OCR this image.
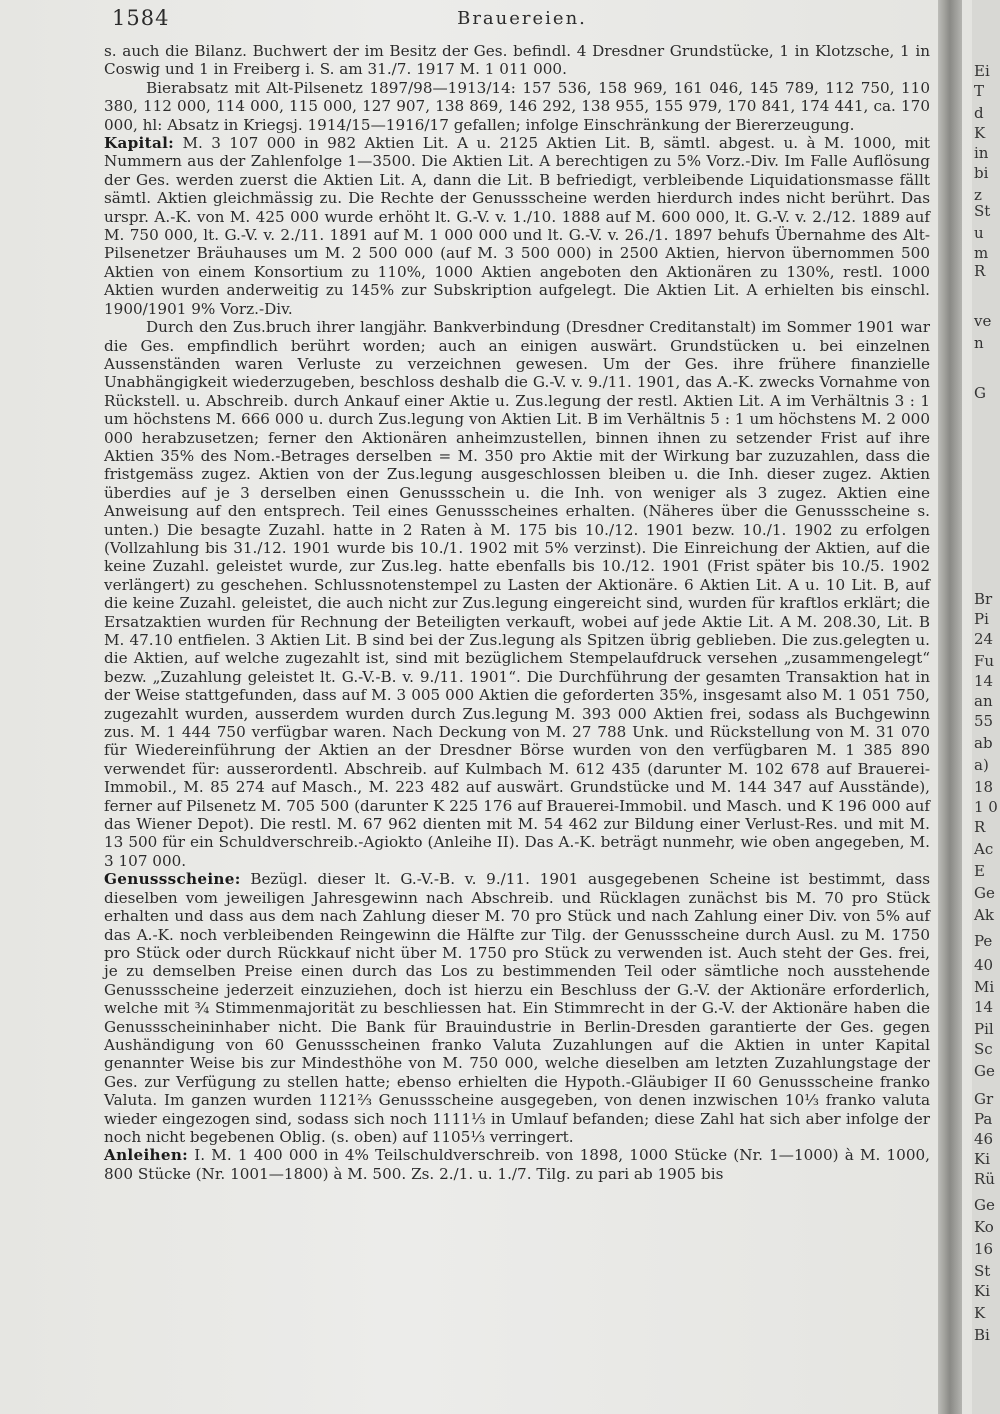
1584	Brauereien.

s. auch die Bilanz. Buchwert der im Besitz der Ges. befindl. 4 Dresdner Grundstücke, 1 in Klotzsche, 1 in Coswig und 1 in Freiberg i. S. am 31./7. 1917 M. 1 011 000.

Bierabsatz mit Alt-Pilsenetz 1897/98—1913/14: 157 536, 158 969, 161 046, 145 789, 112 750, 110 380, 112 000, 114 000, 115 000, 127 907, 138 869, 146 292, 138 955, 155 979, 170 841, 174 441, ca. 170 000, hl: Absatz in Kriegsj. 1914/15—1916/17 gefallen; infolge Einschränkung der Biererzeugung.

Kapital: M. 3 107 000 in 982 Aktien Lit. A u. 2125 Aktien Lit. B, sämtl. abgest. u. à M. 1000, mit Nummern aus der Zahlenfolge 1—3500. Die Aktien Lit. A berechtigen zu 5% Vorz.-Div. Im Falle Auflösung der Ges. werden zuerst die Aktien Lit. A, dann die Lit. B befriedigt, verbleibende Liquidationsmasse fällt sämtl. Aktien gleichmässig zu. Die Rechte der Genussscheine werden hierdurch indes nicht berührt. Das urspr. A.-K. von M. 425 000 wurde erhöht lt. G.-V. v. 1./10. 1888 auf M. 600 000, lt. G.-V. v. 2./12. 1889 auf M. 750 000, lt. G.-V. v. 2./11. 1891 auf M. 1 000 000 und lt. G.-V. v. 26./1. 1897 behufs Übernahme des Alt-Pilsenetzer Bräuhauses um M. 2 500 000 (auf M. 3 500 000) in 2500 Aktien, hiervon übernommen 500 Aktien von einem Konsortium zu 110%, 1000 Aktien angeboten den Aktionären zu 130%, restl. 1000 Aktien wurden anderweitig zu 145% zur Subskription aufgelegt. Die Aktien Lit. A erhielten bis einschl. 1900/1901 9% Vorz.-Div.

Durch den Zus.bruch ihrer langjähr. Bankverbindung (Dresdner Creditanstalt) im Sommer 1901 war die Ges. empfindlich berührt worden; auch an einigen auswärt. Grundstücken u. bei einzelnen Aussenständen waren Verluste zu verzeichnen gewesen. Um der Ges. ihre frühere finanzielle Unabhängigkeit wiederzugeben, beschloss deshalb die G.-V. v. 9./11. 1901, das A.-K. zwecks Vornahme von Rückstell. u. Abschreib. durch Ankauf einer Aktie u. Zus.legung der restl. Aktien Lit. A im Verhältnis 3 : 1 um höchstens M. 666 000 u. durch Zus.legung von Aktien Lit. B im Verhältnis 5 : 1 um höchstens M. 2 000 000 herabzusetzen; ferner den Aktionären anheimzustellen, binnen ihnen zu setzender Frist auf ihre Aktien 35% des Nom.-Betrages derselben = M. 350 pro Aktie mit der Wirkung bar zuzuzahlen, dass die fristgemäss zugez. Aktien von der Zus.legung ausgeschlossen bleiben u. die Inh. dieser zugez. Aktien überdies auf je 3 derselben einen Genussschein u. die Inh. von weniger als 3 zugez. Aktien eine Anweisung auf den entsprech. Teil eines Genussscheines erhalten. (Näheres über die Genussscheine s. unten.) Die besagte Zuzahl. hatte in 2 Raten à M. 175 bis 10./12. 1901 bezw. 10./1. 1902 zu erfolgen (Vollzahlung bis 31./12. 1901 wurde bis 10./1. 1902 mit 5% verzinst). Die Einreichung der Aktien, auf die keine Zuzahl. geleistet wurde, zur Zus.leg. hatte ebenfalls bis 10./12. 1901 (Frist später bis 10./5. 1902 verlängert) zu geschehen. Schlussnotenstempel zu Lasten der Aktionäre. 6 Aktien Lit. A u. 10 Lit. B, auf die keine Zuzahl. geleistet, die auch nicht zur Zus.legung eingereicht sind, wurden für kraftlos erklärt; die Ersatzaktien wurden für Rechnung der Beteiligten verkauft, wobei auf jede Aktie Lit. A M. 208.30, Lit. B M. 47.10 entfielen. 3 Aktien Lit. B sind bei der Zus.legung als Spitzen übrig geblieben. Die zus.gelegten u. die Aktien, auf welche zugezahlt ist, sind mit bezüglichem Stempelaufdruck versehen „zusammengelegt“ bezw. „Zuzahlung geleistet lt. G.-V.-B. v. 9./11. 1901“. Die Durchführung der gesamten Transaktion hat in der Weise stattgefunden, dass auf M. 3 005 000 Aktien die geforderten 35%, insgesamt also M. 1 051 750, zugezahlt wurden, ausserdem wurden durch Zus.legung M. 393 000 Aktien frei, sodass als Buchgewinn zus. M. 1 444 750 verfügbar waren. Nach Deckung von M. 27 788 Unk. und Rückstellung von M. 31 070 für Wiedereinführung der Aktien an der Dresdner Börse wurden von den verfügbaren M. 1 385 890 verwendet für: ausserordentl. Abschreib. auf Kulmbach M. 612 435 (darunter M. 102 678 auf Brauerei-Immobil., M. 85 274 auf Masch., M. 223 482 auf auswärt. Grundstücke und M. 144 347 auf Ausstände), ferner auf Pilsenetz M. 705 500 (darunter K 225 176 auf Brauerei-Immobil. und Masch. und K 196 000 auf das Wiener Depot). Die restl. M. 67 962 dienten mit M. 54 462 zur Bildung einer Verlust-Res. und mit M. 13 500 für ein Schuldverschreib.-Agiokto (Anleihe II). Das A.-K. beträgt nunmehr, wie oben angegeben, M. 3 107 000.

Genussscheine: Bezügl. dieser lt. G.-V.-B. v. 9./11. 1901 ausgegebenen Scheine ist bestimmt, dass dieselben vom jeweiligen Jahresgewinn nach Abschreib. und Rücklagen zunächst bis M. 70 pro Stück erhalten und dass aus dem nach Zahlung dieser M. 70 pro Stück und nach Zahlung einer Div. von 5% auf das A.-K. noch verbleibenden Reingewinn die Hälfte zur Tilg. der Genussscheine durch Ausl. zu M. 1750 pro Stück oder durch Rückkauf nicht über M. 1750 pro Stück zu verwenden ist. Auch steht der Ges. frei, je zu demselben Preise einen durch das Los zu bestimmenden Teil oder sämtliche noch ausstehende Genussscheine jederzeit einzuziehen, doch ist hierzu ein Beschluss der G.-V. der Aktionäre erforderlich, welche mit ¾ Stimmenmajorität zu beschliessen hat. Ein Stimmrecht in der G.-V. der Aktionäre haben die Genussscheininhaber nicht. Die Bank für Brauindustrie in Berlin-Dresden garantierte der Ges. gegen Aushändigung von 60 Genussscheinen franko Valuta Zuzahlungen auf die Aktien in unter Kapital genannter Weise bis zur Mindesthöhe von M. 750 000, welche dieselben am letzten Zuzahlungstage der Ges. zur Verfügung zu stellen hatte; ebenso erhielten die Hypoth.-Gläubiger II 60 Genussscheine franko Valuta. Im ganzen wurden 1121⅔ Genussscheine ausgegeben, von denen inzwischen 10⅓ franko valuta wieder eingezogen sind, sodass sich noch 1111⅓ in Umlauf befanden; diese Zahl hat sich aber infolge der noch nicht begebenen Oblig. (s. oben) auf 1105⅓ verringert.

Anleihen: I. M. 1 400 000 in 4% Teilschuldverschreib. von 1898, 1000 Stücke (Nr. 1—1000) à M. 1000, 800 Stücke (Nr. 1001—1800) à M. 500. Zs. 2./1. u. 1./7. Tilg. zu pari ab 1905 bis

Ei
T
d
K
in
bi
z
St
u
m
R
ve
n
G
Br
Pi
24
Fu
14
an
55
ab
a)
18
1 0
R
Ac
E
Ge
Ak
Pe
40
Mi
14
Pil
Sc
Ge
Gr
Pa
46
Ki
Rü
Ge
Ko
16
St
Ki
K
Bi
